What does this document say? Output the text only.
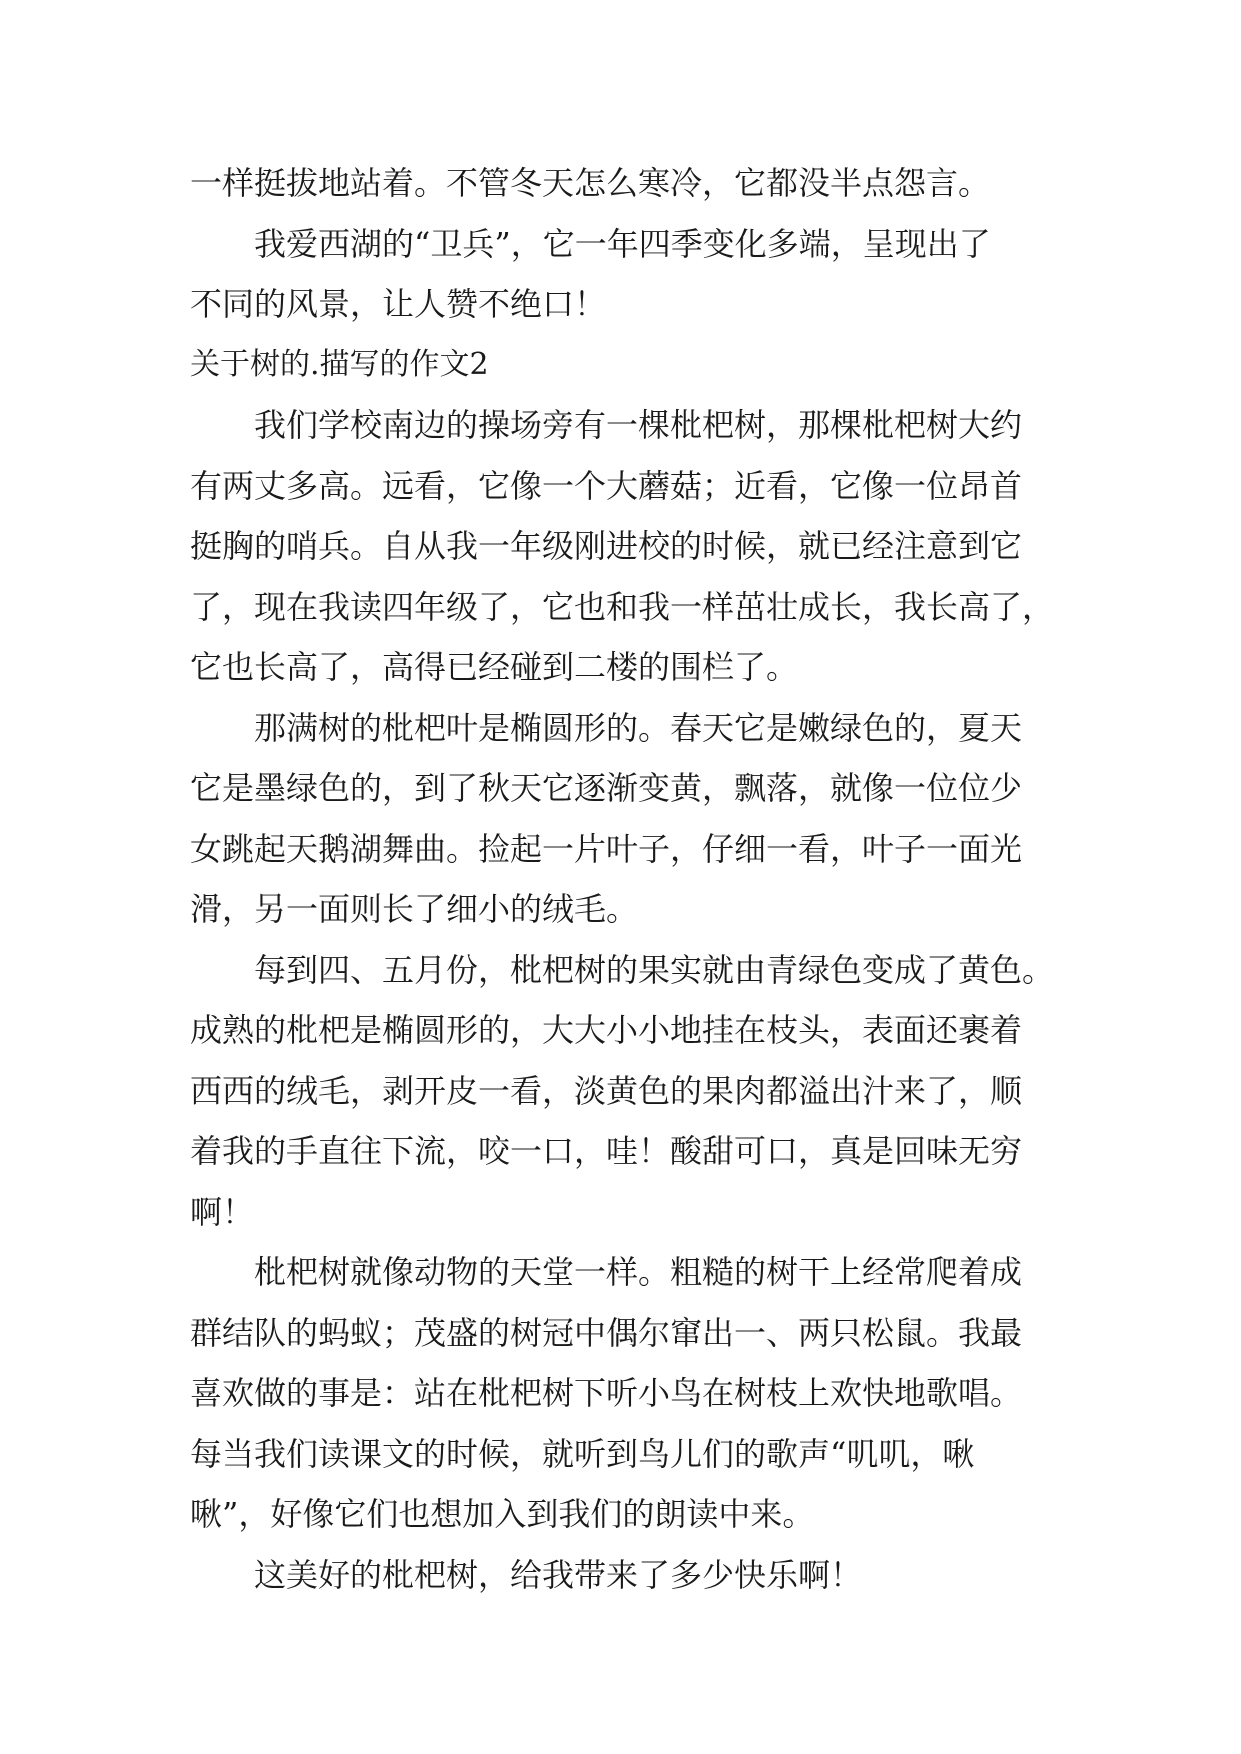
一样挺拔地站着。不管冬天怎么寒冷，它都没半点怨言。
我爱西湖的“卫兵”，它一年四季变化多端，呈现出了
不同的风景，让人赞不绝口！
关于树的.描写的作文2
我们学校南边的操场旁有一棵枇杷树，那棵枇杷树大约
有两丈多高。远看，它像一个大蘑菇；近看，它像一位昂首
挺胸的哨兵。自从我一年级刚进校的时候，就已经注意到它
了，现在我读四年级了，它也和我一样茁壮成长，我长高了，
它也长高了，高得已经碰到二楼的围栏了。
那满树的枇杷叶是椭圆形的。春天它是嫩绿色的，夏天
它是墨绿色的，到了秋天它逐渐变黄，飘落，就像一位位少
女跳起天鹅湖舞曲。捡起一片叶子，仔细一看，叶子一面光
滑，另一面则长了细小的绒毛。
每到四、五月份，枇杷树的果实就由青绿色变成了黄色。
成熟的枇杷是椭圆形的，大大小小地挂在枝头，表面还裹着
西西的绒毛，剥开皮一看，淡黄色的果肉都溢出汁来了，顺
着我的手直往下流，咬一口，哇！酸甜可口，真是回味无穷
啊！
枇杷树就像动物的天堂一样。粗糙的树干上经常爬着成
群结队的蚂蚁；茂盛的树冠中偶尔窜出一、两只松鼠。我最
喜欢做的事是：站在枇杷树下听小鸟在树枝上欢快地歌唱。
每当我们读课文的时候，就听到鸟儿们的歌声“叽叽，啾
啾”，好像它们也想加入到我们的朗读中来。
这美好的枇杷树，给我带来了多少快乐啊！
